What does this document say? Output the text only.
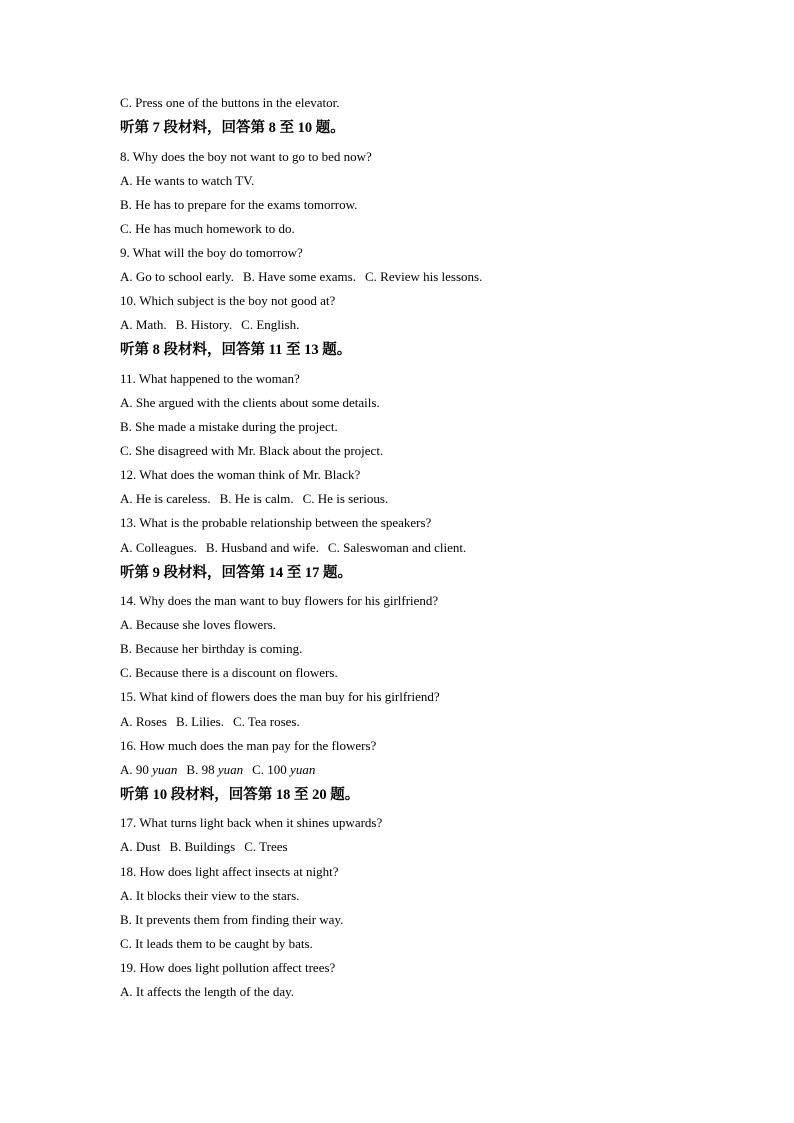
C. Press one of the buttons in the elevator.
听第 7 段材料，回答第 8 至 10 题。
8. Why does the boy not want to go to bed now?
A. He wants to watch TV.
B. He has to prepare for the exams tomorrow.
C. He has much homework to do.
9. What will the boy do tomorrow?
A. Go to school early. B. Have some exams. C. Review his lessons.
10. Which subject is the boy not good at?
A. Math. B. History. C. English.
听第 8 段材料，回答第 11 至 13 题。
11. What happened to the woman?
A. She argued with the clients about some details.
B. She made a mistake during the project.
C. She disagreed with Mr. Black about the project.
12. What does the woman think of Mr. Black?
A. He is careless. B. He is calm. C. He is serious.
13. What is the probable relationship between the speakers?
A. Colleagues. B. Husband and wife. C. Saleswoman and client.
听第 9 段材料，回答第 14 至 17 题。
14. Why does the man want to buy flowers for his girlfriend?
A. Because she loves flowers.
B. Because her birthday is coming.
C. Because there is a discount on flowers.
15. What kind of flowers does the man buy for his girlfriend?
A. Roses B. Lilies. C. Tea roses.
16. How much does the man pay for the flowers?
A. 90 yuan B. 98 yuan C. 100 yuan
听第 10 段材料，回答第 18 至 20 题。
17. What turns light back when it shines upwards?
A. Dust B. Buildings C. Trees
18. How does light affect insects at night?
A. It blocks their view to the stars.
B. It prevents them from finding their way.
C. It leads them to be caught by bats.
19. How does light pollution affect trees?
A. It affects the length of the day.
